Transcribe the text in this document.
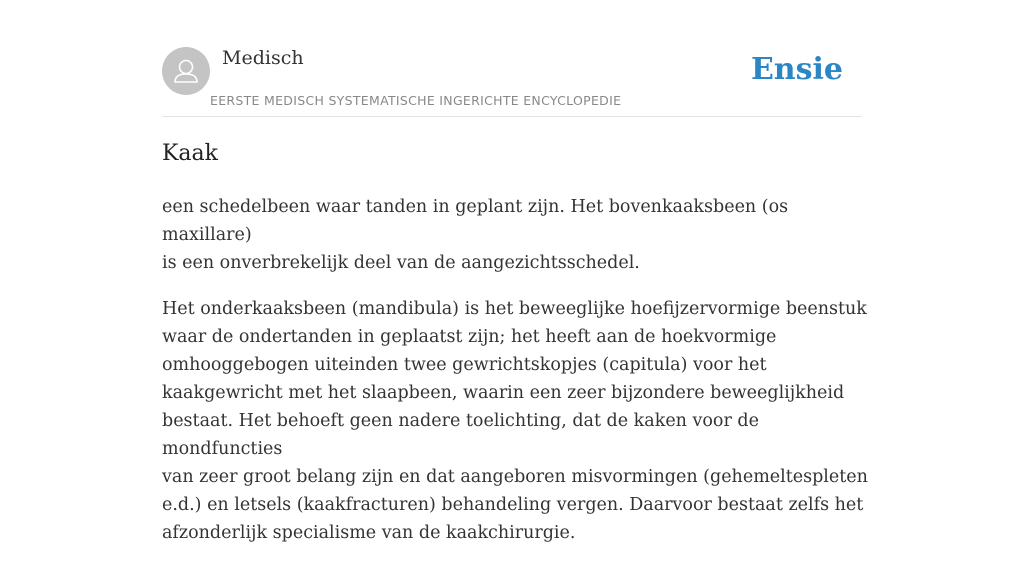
Medisch
EERSTE MEDISCH SYSTEMATISCHE INGERICHTE ENCYCLOPEDIE
Ensie
Kaak

een schedelbeen waar tanden in geplant zijn. Het bovenkaaksbeen (os maxillare)
is een onverbrekelijk deel van de aangezichtsschedel.

Het onderkaaksbeen (mandibula) is het beweeglijke hoefijzervormige beenstuk
waar de ondertanden in geplaatst zijn; het heeft aan de hoekvormige
omhooggebogen uiteinden twee gewrichtskopjes (capitula) voor het
kaakgewricht met het slaapbeen, waarin een zeer bijzondere beweeglijkheid
bestaat. Het behoeft geen nadere toelichting, dat de kaken voor de mondfuncties
van zeer groot belang zijn en dat aangeboren misvormingen (gehemeltespleten
e.d.) en letsels (kaakfracturen) behandeling vergen. Daarvoor bestaat zelfs het
afzonderlijk specialisme van de kaakchirurgie.
